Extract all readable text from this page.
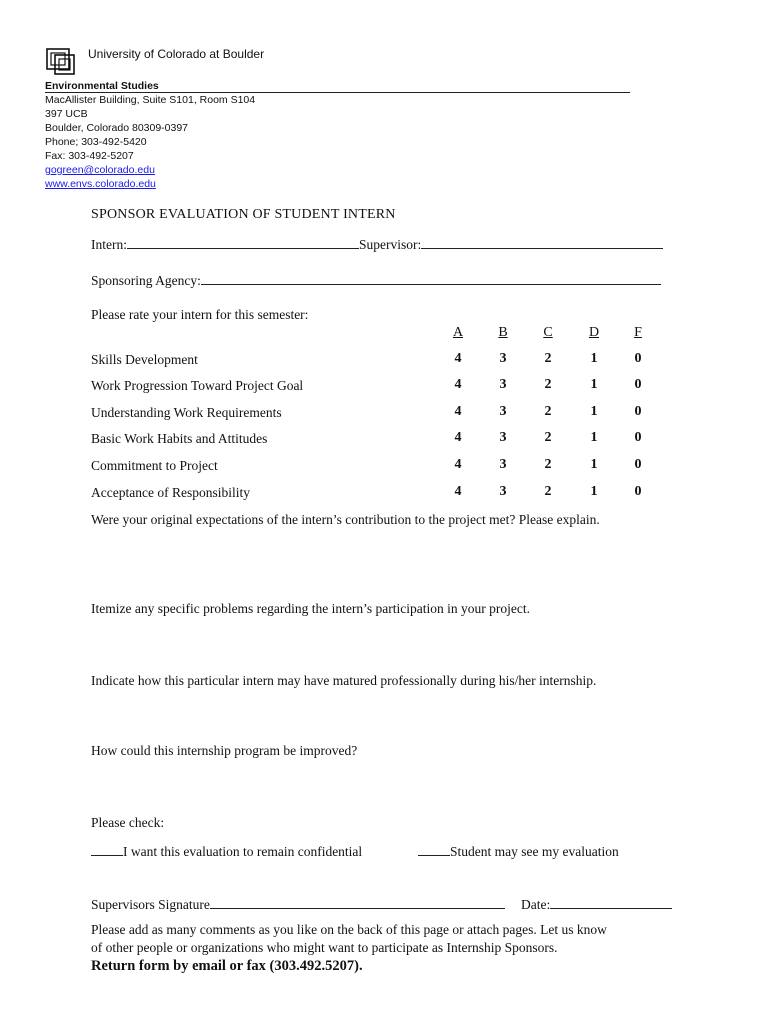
University of Colorado at Boulder
Environmental Studies
MacAllister Building, Suite S101, Room S104
397 UCB
Boulder, Colorado 80309-0397
Phone; 303-492-5420
Fax: 303-492-5207
gogreen@colorado.edu
www.envs.colorado.edu
SPONSOR EVALUATION OF STUDENT INTERN
Intern:	Supervisor:
Sponsoring Agency:
Please rate your intern for this semester:
A	B	C	D	F
Skills Development	4	3	2	1	0
Work Progression Toward Project Goal	4	3	2	1	0
Understanding Work Requirements	4	3	2	1	0
Basic Work Habits and Attitudes	4	3	2	1	0
Commitment to Project	4	3	2	1	0
Acceptance of Responsibility	4	3	2	1	0
Were your original expectations of the intern’s contribution to the project met? Please explain.
Itemize any specific problems regarding the intern’s participation in your project.
Indicate how this particular intern may have matured professionally during his/her internship.
How could this internship program be improved?
Please check:
I want this evaluation to remain confidential	Student may see my evaluation
Supervisors Signature	Date:
Please add as many comments as you like on the back of this page or attach pages. Let us know
of other people or organizations who might want to participate as Internship Sponsors.
Return form by email or fax (303.492.5207).
